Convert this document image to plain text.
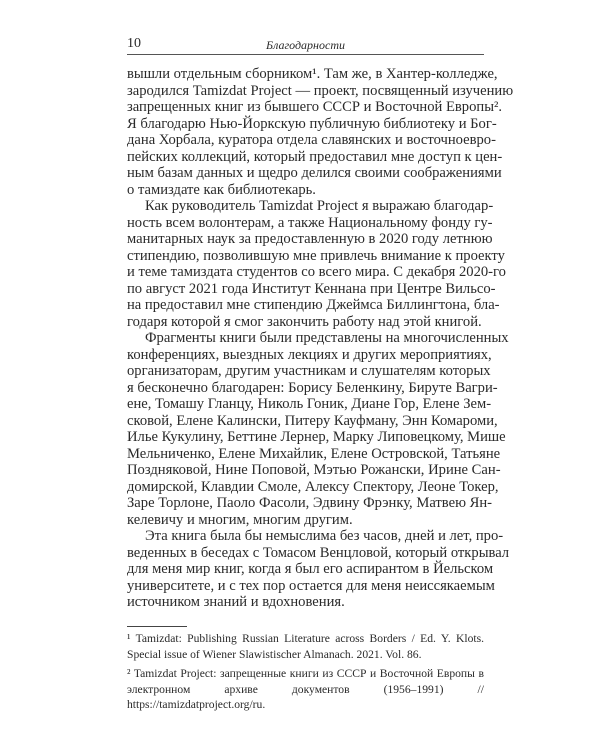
10	Благодарности
вышли отдельным сборником¹. Там же, в Хантер-колледже,
зародился Tamizdat Project — проект, посвященный изучению
запрещенных книг из бывшего СССР и Восточной Европы².
Я благодарю Нью-Йоркскую публичную библиотеку и Бог-
дана Хорбала, куратора отдела славянских и восточноевро-
пейских коллекций, который предоставил мне доступ к цен-
ным базам данных и щедро делился своими соображениями
о тамиздате как библиотекарь.
Как руководитель Tamizdat Project я выражаю благодар-
ность всем волонтерам, а также Национальному фонду гу-
манитарных наук за предоставленную в 2020 году летнюю
стипендию, позволившую мне привлечь внимание к проекту
и теме тамиздата студентов со всего мира. С декабря 2020-го
по август 2021 года Институт Кеннана при Центре Вильсо-
на предоставил мне стипендию Джеймса Биллингтона, бла-
годаря которой я смог закончить работу над этой книгой.
Фрагменты книги были представлены на многочисленных
конференциях, выездных лекциях и других мероприятиях,
организаторам, другим участникам и слушателям которых
я бесконечно благодарен: Борису Беленкину, Бируте Вагри-
ене, Томашу Гланцу, Николь Гоник, Диане Гор, Елене Зем-
сковой, Елене Калински, Питеру Кауфману, Энн Комароми,
Илье Кукулину, Беттине Лернер, Марку Липовецкому, Мише
Мельниченко, Елене Михайлик, Елене Островской, Татьяне
Поздняковой, Нине Поповой, Мэтью Рожански, Ирине Сан-
домирской, Клавдии Смоле, Алексу Спектору, Леоне Токер,
Заре Торлоне, Паоло Фасоли, Эдвину Фрэнку, Матвею Ян-
келевичу и многим, многим другим.
Эта книга была бы немыслима без часов, дней и лет, про-
веденных в беседах с Томасом Венцловой, который открывал
для меня мир книг, когда я был его аспирантом в Йельском
университете, и с тех пор остается для меня неиссякаемым
источником знаний и вдохновения.
¹ Tamizdat: Publishing Russian Literature across Borders / Ed. Y. Klots. Special issue of Wiener Slawistischer Almanach. 2021. Vol. 86.
² Tamizdat Project: запрещенные книги из СССР и Восточной Европы в электронном архиве документов (1956–1991) // https://tamizdatproject.org/ru.
